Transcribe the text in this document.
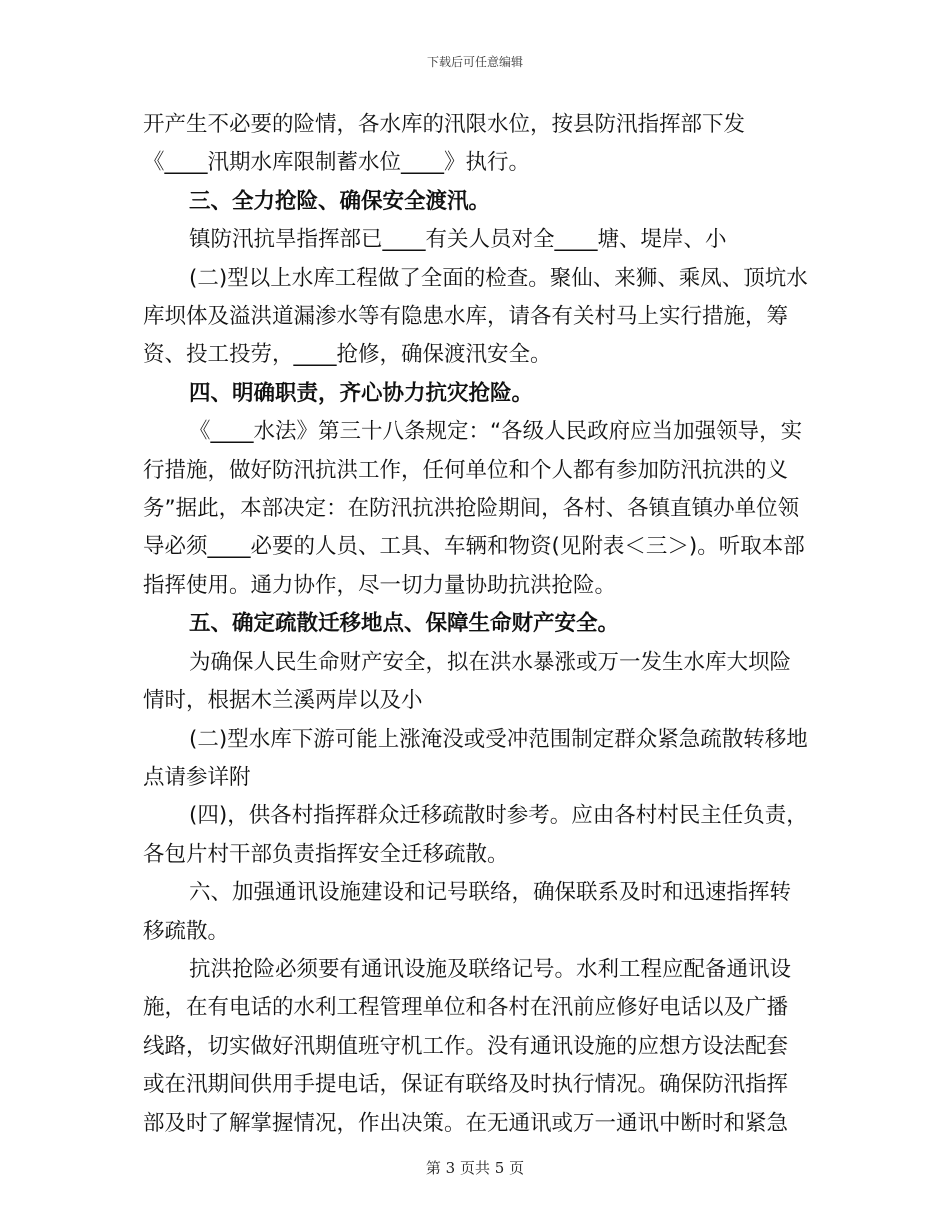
下载后可任意编辑

开产生不必要的险情，各水库的汛限水位，按县防汛指挥部下发《____汛期水库限制蓄水位____》执行。

三、全力抢险、确保安全渡汛。

镇防汛抗旱指挥部已____有关人员对全____塘、堤岸、小

(二)型以上水库工程做了全面的检查。聚仙、来狮、乘凤、顶坑水库坝体及溢洪道漏渗水等有隐患水库，请各有关村马上实行措施，筹资、投工投劳，____抢修，确保渡汛安全。

四、明确职责，齐心协力抗灾抢险。

《____水法》第三十八条规定：“各级人民政府应当加强领导，实行措施，做好防汛抗洪工作，任何单位和个人都有参加防汛抗洪的义务”据此，本部决定：在防汛抗洪抢险期间，各村、各镇直镇办单位领导必须____必要的人员、工具、车辆和物资(见附表＜三＞)。听取本部指挥使用。通力协作，尽一切力量协助抗洪抢险。

五、确定疏散迁移地点、保障生命财产安全。

为确保人民生命财产安全，拟在洪水暴涨或万一发生水库大坝险情时，根据木兰溪两岸以及小

(二)型水库下游可能上涨淹没或受冲范围制定群众紧急疏散转移地点请参详附

(四)，供各村指挥群众迁移疏散时参考。应由各村村民主任负责，各包片村干部负责指挥安全迁移疏散。

六、加强通讯设施建设和记号联络，确保联系及时和迅速指挥转移疏散。

抗洪抢险必须要有通讯设施及联络记号。水利工程应配备通讯设施，在有电话的水利工程管理单位和各村在汛前应修好电话以及广播线路，切实做好汛期值班守机工作。没有通讯设施的应想方设法配套或在汛期间供用手提电话，保证有联络及时执行情况。确保防汛指挥部及时了解掌握情况，作出决策。在无通讯或万一通讯中断时和紧急

第 3 页共 5 页
